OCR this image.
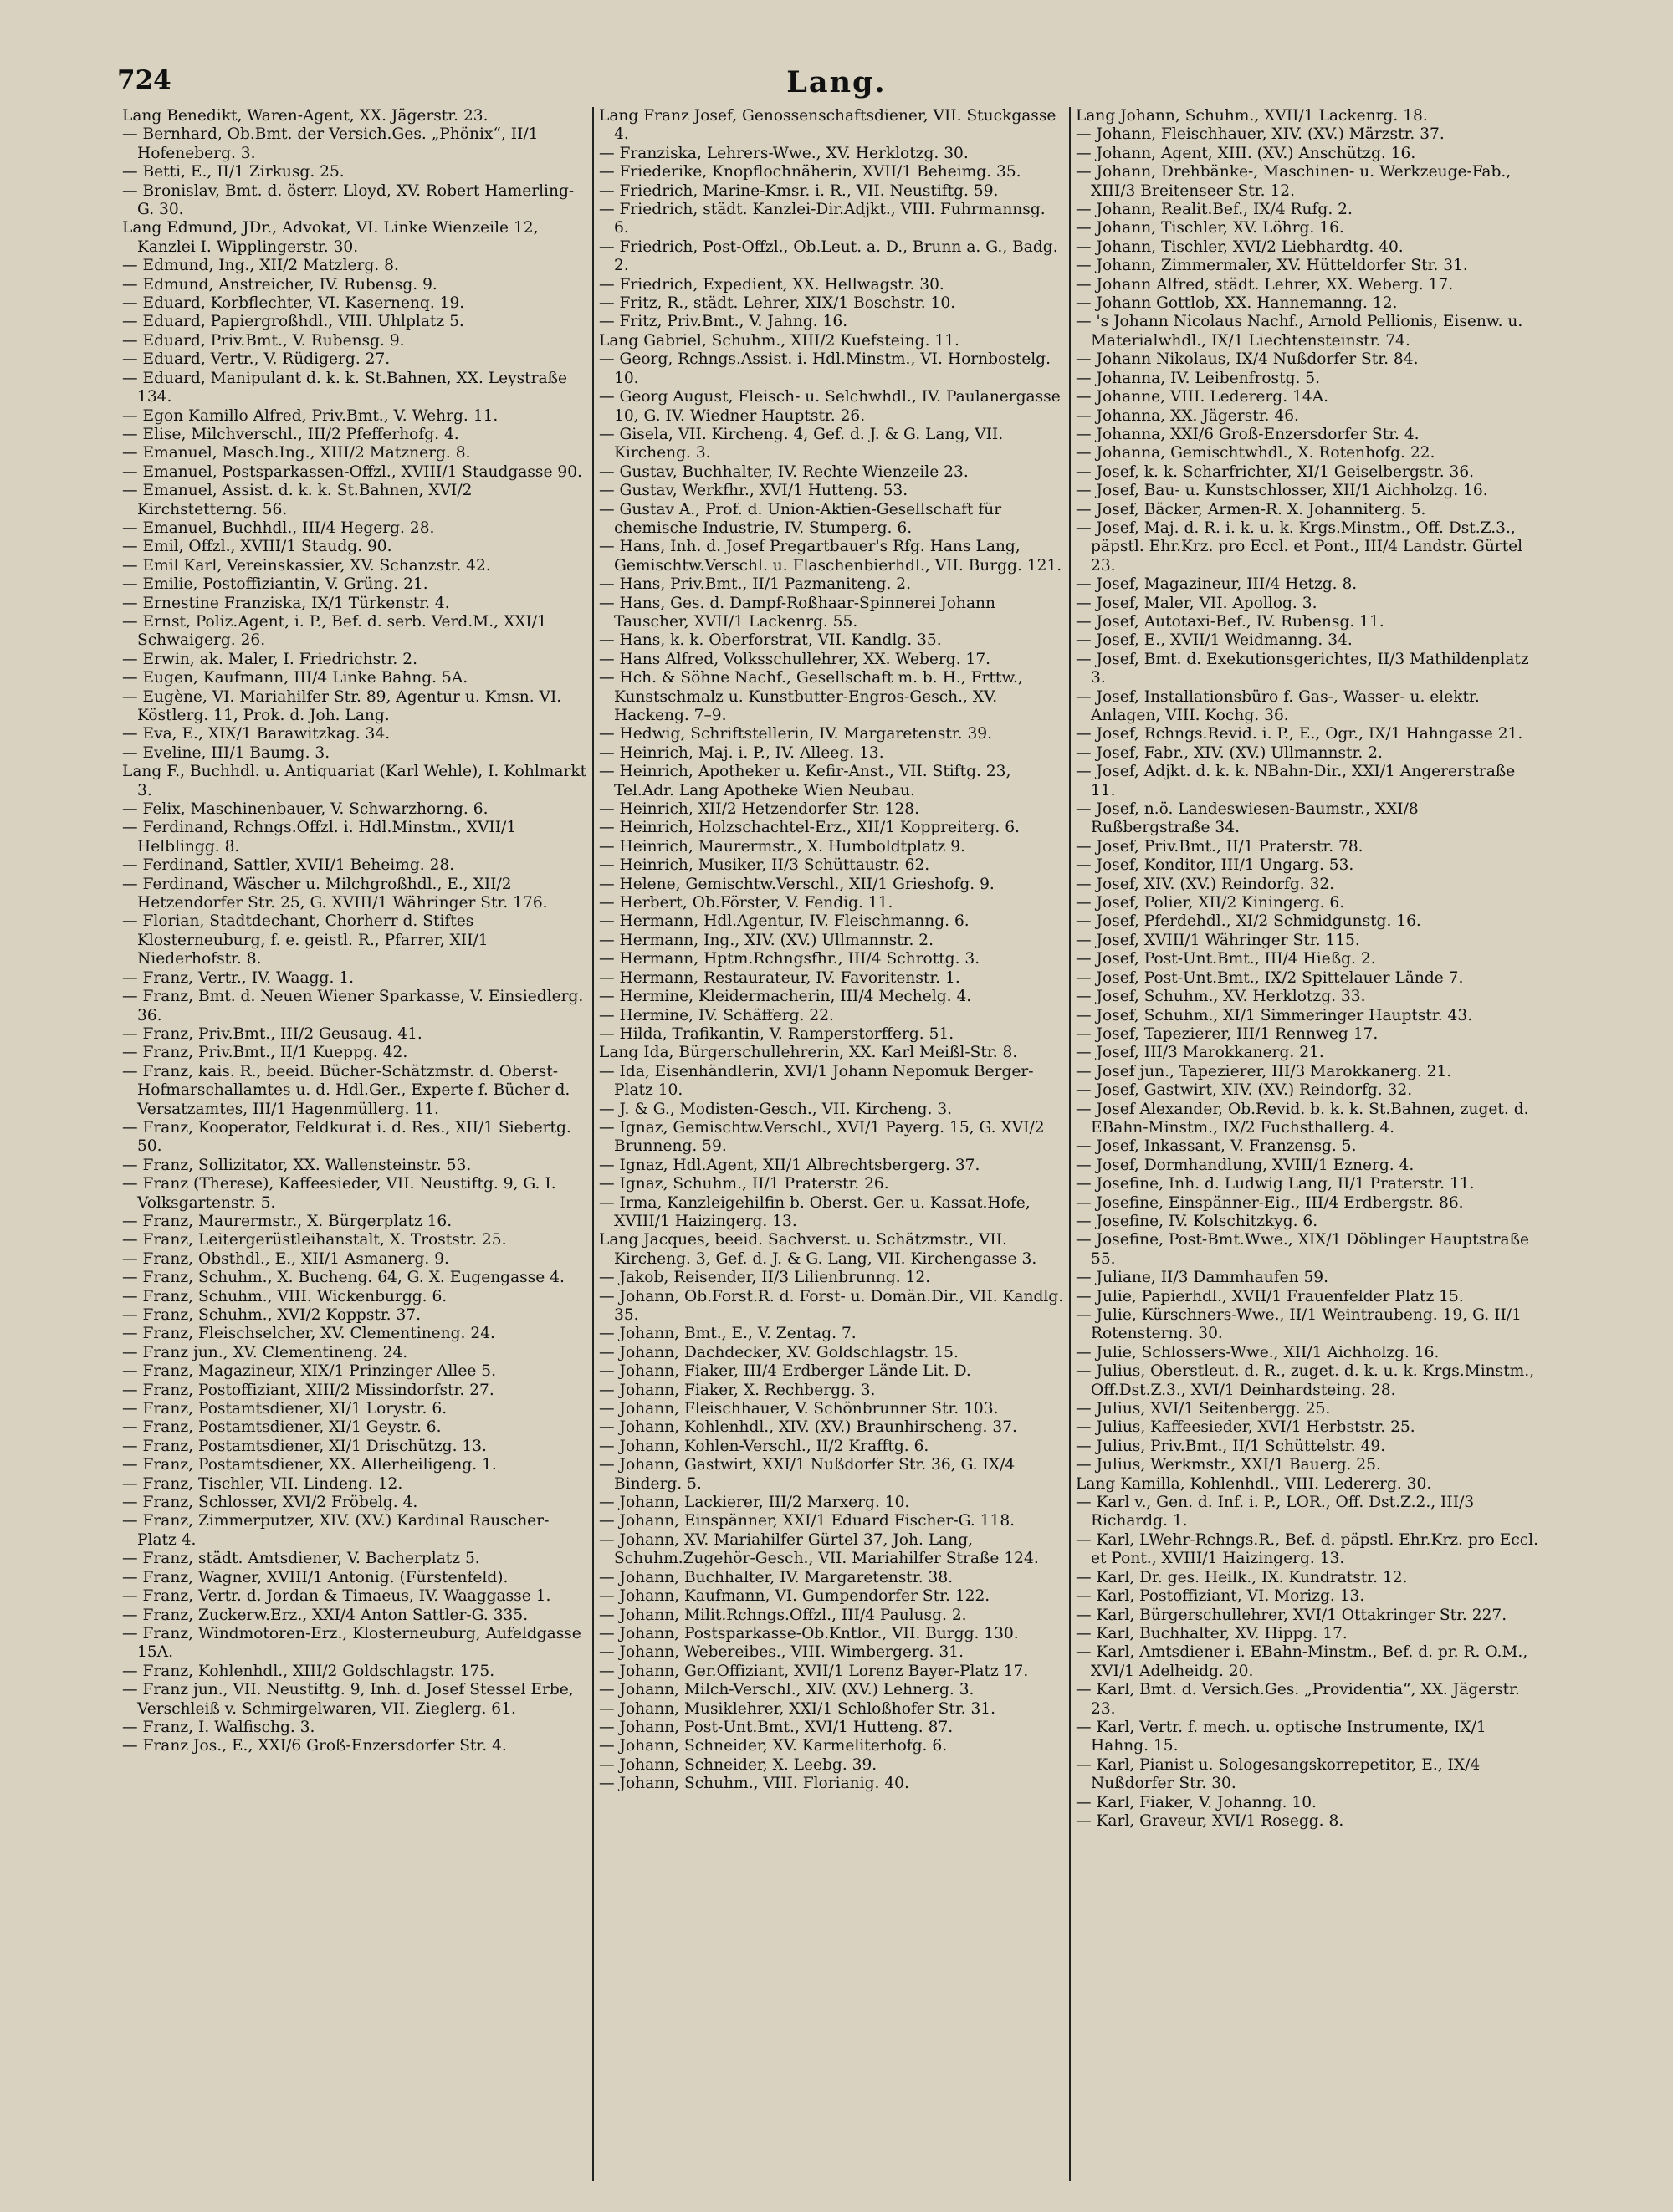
724	Lang.
Lang Benedikt, Waren-Agent, XX. Jägerstr. 23.
— Bernhard, Ob.Bmt. der Versich.Ges. „Phönix“, II/1 Hofeneberg. 3.
— Betti, E., II/1 Zirkusg. 25.
— Bronislav, Bmt. d. österr. Lloyd, XV. Robert Hamerling-G. 30.
Lang Edmund, JDr., Advokat, VI. Linke Wienzeile 12, Kanzlei I. Wipplingerstr. 30.
— Edmund, Ing., XII/2 Matzlerg. 8.
— Edmund, Anstreicher, IV. Rubensg. 9.
— Eduard, Korbflechter, VI. Kasernenq. 19.
— Eduard, Papiergroßhdl., VIII. Uhlplatz 5.
— Eduard, Priv.Bmt., V. Rubensg. 9.
— Eduard, Vertr., V. Rüdigerg. 27.
— Eduard, Manipulant d. k. k. St.Bahnen, XX. Leystraße 134.
— Egon Kamillo Alfred, Priv.Bmt., V. Wehrg. 11.
— Elise, Milchverschl., III/2 Pfefferhofg. 4.
— Emanuel, Masch.Ing., XIII/2 Matznerg. 8.
— Emanuel, Postsparkassen-Offzl., XVIII/1 Staudgasse 90.
— Emanuel, Assist. d. k. k. St.Bahnen, XVI/2 Kirchstetterng. 56.
— Emanuel, Buchhdl., III/4 Hegerg. 28.
— Emil, Offzl., XVIII/1 Staudg. 90.
— Emil Karl, Vereinskassier, XV. Schanzstr. 42.
— Emilie, Postoffiziantin, V. Grüng. 21.
— Ernestine Franziska, IX/1 Türkenstr. 4.
— Ernst, Poliz.Agent, i. P., Bef. d. serb. Verd.M., XXI/1 Schwaigerg. 26.
— Erwin, ak. Maler, I. Friedrichstr. 2.
— Eugen, Kaufmann, III/4 Linke Bahng. 5A.
— Eugène, VI. Mariahilfer Str. 89, Agentur u. Kmsn. VI. Köstlerg. 11, Prok. d. Joh. Lang.
— Eva, E., XIX/1 Barawitzkag. 34.
— Eveline, III/1 Baumg. 3.
Lang F., Buchhdl. u. Antiquariat (Karl Wehle), I. Kohlmarkt 3.
— Felix, Maschinenbauer, V. Schwarzhorng. 6.
— Ferdinand, Rchngs.Offzl. i. Hdl.Minstm., XVII/1 Helblingg. 8.
— Ferdinand, Sattler, XVII/1 Beheimg. 28.
— Ferdinand, Wäscher u. Milchgroßhdl., E., XII/2 Hetzendorfer Str. 25, G. XVIII/1 Währinger Str. 176.
— Florian, Stadtdechant, Chorherr d. Stiftes Klosterneuburg, f. e. geistl. R., Pfarrer, XII/1 Niederhofstr. 8.
— Franz, Vertr., IV. Waagg. 1.
— Franz, Bmt. d. Neuen Wiener Sparkasse, V. Einsiedlerg. 36.
— Franz, Priv.Bmt., III/2 Geusaug. 41.
— Franz, Priv.Bmt., II/1 Kueppg. 42.
— Franz, kais. R., beeid. Bücher-Schätzmstr. d. Oberst-Hofmarschallamtes u. d. Hdl.Ger., Experte f. Bücher d. Versatzamtes, III/1 Hagenmüllerg. 11.
— Franz, Kooperator, Feldkurat i. d. Res., XII/1 Siebertg. 50.
— Franz, Sollizitator, XX. Wallensteinstr. 53.
— Franz (Therese), Kaffeesieder, VII. Neustiftg. 9, G. I. Volksgartenstr. 5.
— Franz, Maurermstr., X. Bürgerplatz 16.
— Franz, Leitergerüstleihanstalt, X. Troststr. 25.
— Franz, Obsthdl., E., XII/1 Asmanerg. 9.
— Franz, Schuhm., X. Bucheng. 64, G. X. Eugengasse 4.
— Franz, Schuhm., VIII. Wickenburgg. 6.
— Franz, Schuhm., XVI/2 Koppstr. 37.
— Franz, Fleischselcher, XV. Clementineng. 24.
— Franz jun., XV. Clementineng. 24.
— Franz, Magazineur, XIX/1 Prinzinger Allee 5.
— Franz, Postoffiziant, XIII/2 Missindorfstr. 27.
— Franz, Postamtsdiener, XI/1 Lorystr. 6.
— Franz, Postamtsdiener, XI/1 Geystr. 6.
— Franz, Postamtsdiener, XI/1 Drischützg. 13.
— Franz, Postamtsdiener, XX. Allerheiligeng. 1.
— Franz, Tischler, VII. Lindeng. 12.
— Franz, Schlosser, XVI/2 Fröbelg. 4.
— Franz, Zimmerputzer, XIV. (XV.) Kardinal Rauscher-Platz 4.
— Franz, städt. Amtsdiener, V. Bacherplatz 5.
— Franz, Wagner, XVIII/1 Antonig. (Fürstenfeld).
— Franz, Vertr. d. Jordan & Timaeus, IV. Waaggasse 1.
— Franz, Zuckerw.Erz., XXI/4 Anton Sattler-G. 335.
— Franz, Windmotoren-Erz., Klosterneuburg, Aufeldgasse 15A.
— Franz, Kohlenhdl., XIII/2 Goldschlagstr. 175.
— Franz jun., VII. Neustiftg. 9, Inh. d. Josef Stessel Erbe, Verschleiß v. Schmirgelwaren, VII. Zieglerg. 61.
— Franz, I. Walfischg. 3.
— Franz Jos., E., XXI/6 Groß-Enzersdorfer Str. 4.
Lang Franz Josef, Genossenschaftsdiener, VII. Stuckgasse 4.
— Franziska, Lehrers-Wwe., XV. Herklotzg. 30.
— Friederike, Knopflochnäherin, XVII/1 Beheimg. 35.
— Friedrich, Marine-Kmsr. i. R., VII. Neustiftg. 59.
— Friedrich, städt. Kanzlei-Dir.Adjkt., VIII. Fuhrmannsg. 6.
— Friedrich, Post-Offzl., Ob.Leut. a. D., Brunn a. G., Badg. 2.
— Friedrich, Expedient, XX. Hellwagstr. 30.
— Fritz, R., städt. Lehrer, XIX/1 Boschstr. 10.
— Fritz, Priv.Bmt., V. Jahng. 16.
Lang Gabriel, Schuhm., XIII/2 Kuefsteing. 11.
— Georg, Rchngs.Assist. i. Hdl.Minstm., VI. Hornbostelg. 10.
— Georg August, Fleisch- u. Selchwhdl., IV. Paulanergasse 10, G. IV. Wiedner Hauptstr. 26.
— Gisela, VII. Kircheng. 4, Gef. d. J. & G. Lang, VII. Kircheng. 3.
— Gustav, Buchhalter, IV. Rechte Wienzeile 23.
— Gustav, Werkfhr., XVI/1 Hutteng. 53.
— Gustav A., Prof. d. Union-Aktien-Gesellschaft für chemische Industrie, IV. Stumperg. 6.
— Hans, Inh. d. Josef Pregartbauer's Rfg. Hans Lang, Gemischtw.Verschl. u. Flaschenbierhdl., VII. Burgg. 121.
— Hans, Priv.Bmt., II/1 Pazmaniteng. 2.
— Hans, Ges. d. Dampf-Roßhaar-Spinnerei Johann Tauscher, XVII/1 Lackenrg. 55.
— Hans, k. k. Oberforstrat, VII. Kandlg. 35.
— Hans Alfred, Volksschullehrer, XX. Weberg. 17.
— Hch. & Söhne Nachf., Gesellschaft m. b. H., Frttw., Kunstschmalz u. Kunstbutter-Engros-Gesch., XV. Hackeng. 7–9.
— Hedwig, Schriftstellerin, IV. Margaretenstr. 39.
— Heinrich, Maj. i. P., IV. Alleeg. 13.
— Heinrich, Apotheker u. Kefir-Anst., VII. Stiftg. 23, Tel.Adr. Lang Apotheke Wien Neubau.
— Heinrich, XII/2 Hetzendorfer Str. 128.
— Heinrich, Holzschachtel-Erz., XII/1 Koppreiterg. 6.
— Heinrich, Maurermstr., X. Humboldtplatz 9.
— Heinrich, Musiker, II/3 Schüttaustr. 62.
— Helene, Gemischtw.Verschl., XII/1 Grieshofg. 9.
— Herbert, Ob.Förster, V. Fendig. 11.
— Hermann, Hdl.Agentur, IV. Fleischmanng. 6.
— Hermann, Ing., XIV. (XV.) Ullmannstr. 2.
— Hermann, Hptm.Rchngsfhr., III/4 Schrottg. 3.
— Hermann, Restaurateur, IV. Favoritenstr. 1.
— Hermine, Kleidermacherin, III/4 Mechelg. 4.
— Hermine, IV. Schäfferg. 22.
— Hilda, Trafikantin, V. Ramperstorfferg. 51.
Lang Ida, Bürgerschullehrerin, XX. Karl Meißl-Str. 8.
— Ida, Eisenhändlerin, XVI/1 Johann Nepomuk Berger-Platz 10.
— J. & G., Modisten-Gesch., VII. Kircheng. 3.
— Ignaz, Gemischtw.Verschl., XVI/1 Payerg. 15, G. XVI/2 Brunneng. 59.
— Ignaz, Hdl.Agent, XII/1 Albrechtsbergerg. 37.
— Ignaz, Schuhm., II/1 Praterstr. 26.
— Irma, Kanzleigehilfin b. Oberst. Ger. u. Kassat.Hofe, XVIII/1 Haizingerg. 13.
Lang Jacques, beeid. Sachverst. u. Schätzmstr., VII. Kircheng. 3, Gef. d. J. & G. Lang, VII. Kirchengasse 3.
— Jakob, Reisender, II/3 Lilienbrunng. 12.
— Johann, Ob.Forst.R. d. Forst- u. Domän.Dir., VII. Kandlg. 35.
— Johann, Bmt., E., V. Zentag. 7.
— Johann, Dachdecker, XV. Goldschlagstr. 15.
— Johann, Fiaker, III/4 Erdberger Lände Lit. D.
— Johann, Fiaker, X. Rechbergg. 3.
— Johann, Fleischhauer, V. Schönbrunner Str. 103.
— Johann, Kohlenhdl., XIV. (XV.) Braunhirscheng. 37.
— Johann, Kohlen-Verschl., II/2 Krafftg. 6.
— Johann, Gastwirt, XXI/1 Nußdorfer Str. 36, G. IX/4 Binderg. 5.
— Johann, Lackierer, III/2 Marxerg. 10.
— Johann, Einspänner, XXI/1 Eduard Fischer-G. 118.
— Johann, XV. Mariahilfer Gürtel 37, Joh. Lang, Schuhm.Zugehör-Gesch., VII. Mariahilfer Straße 124.
— Johann, Buchhalter, IV. Margaretenstr. 38.
— Johann, Kaufmann, VI. Gumpendorfer Str. 122.
— Johann, Milit.Rchngs.Offzl., III/4 Paulusg. 2.
— Johann, Postsparkasse-Ob.Kntlor., VII. Burgg. 130.
— Johann, Webereibes., VIII. Wimbergerg. 31.
— Johann, Ger.Offiziant, XVII/1 Lorenz Bayer-Platz 17.
— Johann, Milch-Verschl., XIV. (XV.) Lehnerg. 3.
— Johann, Musiklehrer, XXI/1 Schloßhofer Str. 31.
— Johann, Post-Unt.Bmt., XVI/1 Hutteng. 87.
— Johann, Schneider, XV. Karmeliterhofg. 6.
— Johann, Schneider, X. Leebg. 39.
— Johann, Schuhm., VIII. Florianig. 40.
Lang Johann, Schuhm., XVII/1 Lackenrg. 18.
— Johann, Fleischhauer, XIV. (XV.) Märzstr. 37.
— Johann, Agent, XIII. (XV.) Anschützg. 16.
— Johann, Drehbänke-, Maschinen- u. Werkzeuge-Fab., XIII/3 Breitenseer Str. 12.
— Johann, Realit.Bef., IX/4 Rufg. 2.
— Johann, Tischler, XV. Löhrg. 16.
— Johann, Tischler, XVI/2 Liebhardtg. 40.
— Johann, Zimmermaler, XV. Hütteldorfer Str. 31.
— Johann Alfred, städt. Lehrer, XX. Weberg. 17.
— Johann Gottlob, XX. Hannemanng. 12.
— 's Johann Nicolaus Nachf., Arnold Pellionis, Eisenw. u. Materialwhdl., IX/1 Liechtensteinstr. 74.
— Johann Nikolaus, IX/4 Nußdorfer Str. 84.
— Johanna, IV. Leibenfrostg. 5.
— Johanne, VIII. Ledererg. 14A.
— Johanna, XX. Jägerstr. 46.
— Johanna, XXI/6 Groß-Enzersdorfer Str. 4.
— Johanna, Gemischtwhdl., X. Rotenhofg. 22.
— Josef, k. k. Scharfrichter, XI/1 Geiselbergstr. 36.
— Josef, Bau- u. Kunstschlosser, XII/1 Aichholzg. 16.
— Josef, Bäcker, Armen-R. X. Johanniterg. 5.
— Josef, Maj. d. R. i. k. u. k. Krgs.Minstm., Off. Dst.Z.3., päpstl. Ehr.Krz. pro Eccl. et Pont., III/4 Landstr. Gürtel 23.
— Josef, Magazineur, III/4 Hetzg. 8.
— Josef, Maler, VII. Apollog. 3.
— Josef, Autotaxi-Bef., IV. Rubensg. 11.
— Josef, E., XVII/1 Weidmanng. 34.
— Josef, Bmt. d. Exekutionsgerichtes, II/3 Mathildenplatz 3.
— Josef, Installationsbüro f. Gas-, Wasser- u. elektr. Anlagen, VIII. Kochg. 36.
— Josef, Rchngs.Revid. i. P., E., Ogr., IX/1 Hahngasse 21.
— Josef, Fabr., XIV. (XV.) Ullmannstr. 2.
— Josef, Adjkt. d. k. k. NBahn-Dir., XXI/1 Angererstraße 11.
— Josef, n.ö. Landeswiesen-Baumstr., XXI/8 Rußbergstraße 34.
— Josef, Priv.Bmt., II/1 Praterstr. 78.
— Josef, Konditor, III/1 Ungarg. 53.
— Josef, XIV. (XV.) Reindorfg. 32.
— Josef, Polier, XII/2 Kiningerg. 6.
— Josef, Pferdehdl., XI/2 Schmidgunstg. 16.
— Josef, XVIII/1 Währinger Str. 115.
— Josef, Post-Unt.Bmt., III/4 Hießg. 2.
— Josef, Post-Unt.Bmt., IX/2 Spittelauer Lände 7.
— Josef, Schuhm., XV. Herklotzg. 33.
— Josef, Schuhm., XI/1 Simmeringer Hauptstr. 43.
— Josef, Tapezierer, III/1 Rennweg 17.
— Josef, III/3 Marokkanerg. 21.
— Josef jun., Tapezierer, III/3 Marokkanerg. 21.
— Josef, Gastwirt, XIV. (XV.) Reindorfg. 32.
— Josef Alexander, Ob.Revid. b. k. k. St.Bahnen, zuget. d. EBahn-Minstm., IX/2 Fuchsthallerg. 4.
— Josef, Inkassant, V. Franzensg. 5.
— Josef, Dormhandlung, XVIII/1 Eznerg. 4.
— Josefine, Inh. d. Ludwig Lang, II/1 Praterstr. 11.
— Josefine, Einspänner-Eig., III/4 Erdbergstr. 86.
— Josefine, IV. Kolschitzkyg. 6.
— Josefine, Post-Bmt.Wwe., XIX/1 Döblinger Hauptstraße 55.
— Juliane, II/3 Dammhaufen 59.
— Julie, Papierhdl., XVII/1 Frauenfelder Platz 15.
— Julie, Kürschners-Wwe., II/1 Weintraubeng. 19, G. II/1 Rotensterng. 30.
— Julie, Schlossers-Wwe., XII/1 Aichholzg. 16.
— Julius, Oberstleut. d. R., zuget. d. k. u. k. Krgs.Minstm., Off.Dst.Z.3., XVI/1 Deinhardsteing. 28.
— Julius, XVI/1 Seitenbergg. 25.
— Julius, Kaffeesieder, XVI/1 Herbststr. 25.
— Julius, Priv.Bmt., II/1 Schüttelstr. 49.
— Julius, Werkmstr., XXI/1 Bauerg. 25.
Lang Kamilla, Kohlenhdl., VIII. Ledererg. 30.
— Karl v., Gen. d. Inf. i. P., LOR., Off. Dst.Z.2., III/3 Richardg. 1.
— Karl, LWehr-Rchngs.R., Bef. d. päpstl. Ehr.Krz. pro Eccl. et Pont., XVIII/1 Haizingerg. 13.
— Karl, Dr. ges. Heilk., IX. Kundratstr. 12.
— Karl, Postoffiziant, VI. Morizg. 13.
— Karl, Bürgerschullehrer, XVI/1 Ottakringer Str. 227.
— Karl, Buchhalter, XV. Hippg. 17.
— Karl, Amtsdiener i. EBahn-Minstm., Bef. d. pr. R. O.M., XVI/1 Adelheidg. 20.
— Karl, Bmt. d. Versich.Ges. „Providentia“, XX. Jägerstr. 23.
— Karl, Vertr. f. mech. u. optische Instrumente, IX/1 Hahng. 15.
— Karl, Pianist u. Sologesangskorrepetitor, E., IX/4 Nußdorfer Str. 30.
— Karl, Fiaker, V. Johanng. 10.
— Karl, Graveur, XVI/1 Rosegg. 8.
